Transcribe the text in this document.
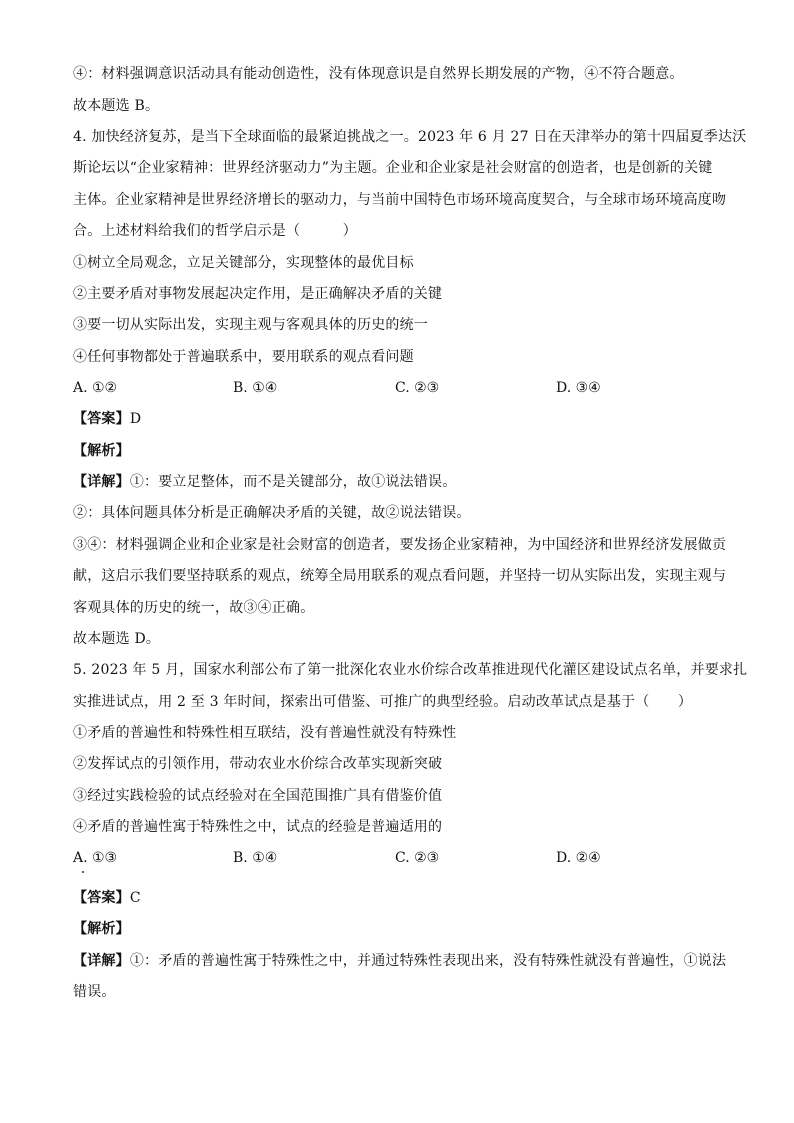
④：材料强调意识活动具有能动创造性，没有体现意识是自然界长期发展的产物，④不符合题意。
故本题选 B。
4. 加快经济复苏，是当下全球面临的最紧迫挑战之一。2023 年 6 月 27 日在天津举办的第十四届夏季达沃
斯论坛以“企业家精神：世界经济驱动力”为主题。企业和企业家是社会财富的创造者，也是创新的关键
主体。企业家精神是世界经济增长的驱动力，与当前中国特色市场环境高度契合，与全球市场环境高度吻
合。上述材料给我们的哲学启示是（　　　）
①树立全局观念，立足关键部分，实现整体的最优目标
②主要矛盾对事物发展起决定作用，是正确解决矛盾的关键
③要一切从实际出发，实现主观与客观具体的历史的统一
④任何事物都处于普遍联系中，要用联系的观点看问题
A. ①②	B. ①④	C. ②③	D. ③④
【答案】D
【解析】
【详解】①：要立足整体，而不是关键部分，故①说法错误。
②：具体问题具体分析是正确解决矛盾的关键，故②说法错误。
③④：材料强调企业和企业家是社会财富的创造者，要发扬企业家精神，为中国经济和世界经济发展做贡
献，这启示我们要坚持联系的观点，统筹全局用联系的观点看问题，并坚持一切从实际出发，实现主观与
客观具体的历史的统一，故③④正确。
故本题选 D。
5. 2023 年 5 月，国家水利部公布了第一批深化农业水价综合改革推进现代化灌区建设试点名单，并要求扎
实推进试点，用 2 至 3 年时间，探索出可借鉴、可推广的典型经验。启动改革试点是基于（　　）
①矛盾的普遍性和特殊性相互联结，没有普遍性就没有特殊性
②发挥试点的引领作用，带动农业水价综合改革实现新突破
③经过实践检验的试点经验对在全国范围推广具有借鉴价值
④矛盾的普遍性寓于特殊性之中，试点的经验是普遍适用的
A. ①③	B. ①④	C. ②③	D. ②④
【答案】C
【解析】
【详解】①：矛盾的普遍性寓于特殊性之中，并通过特殊性表现出来，没有特殊性就没有普遍性，①说法
错误。
